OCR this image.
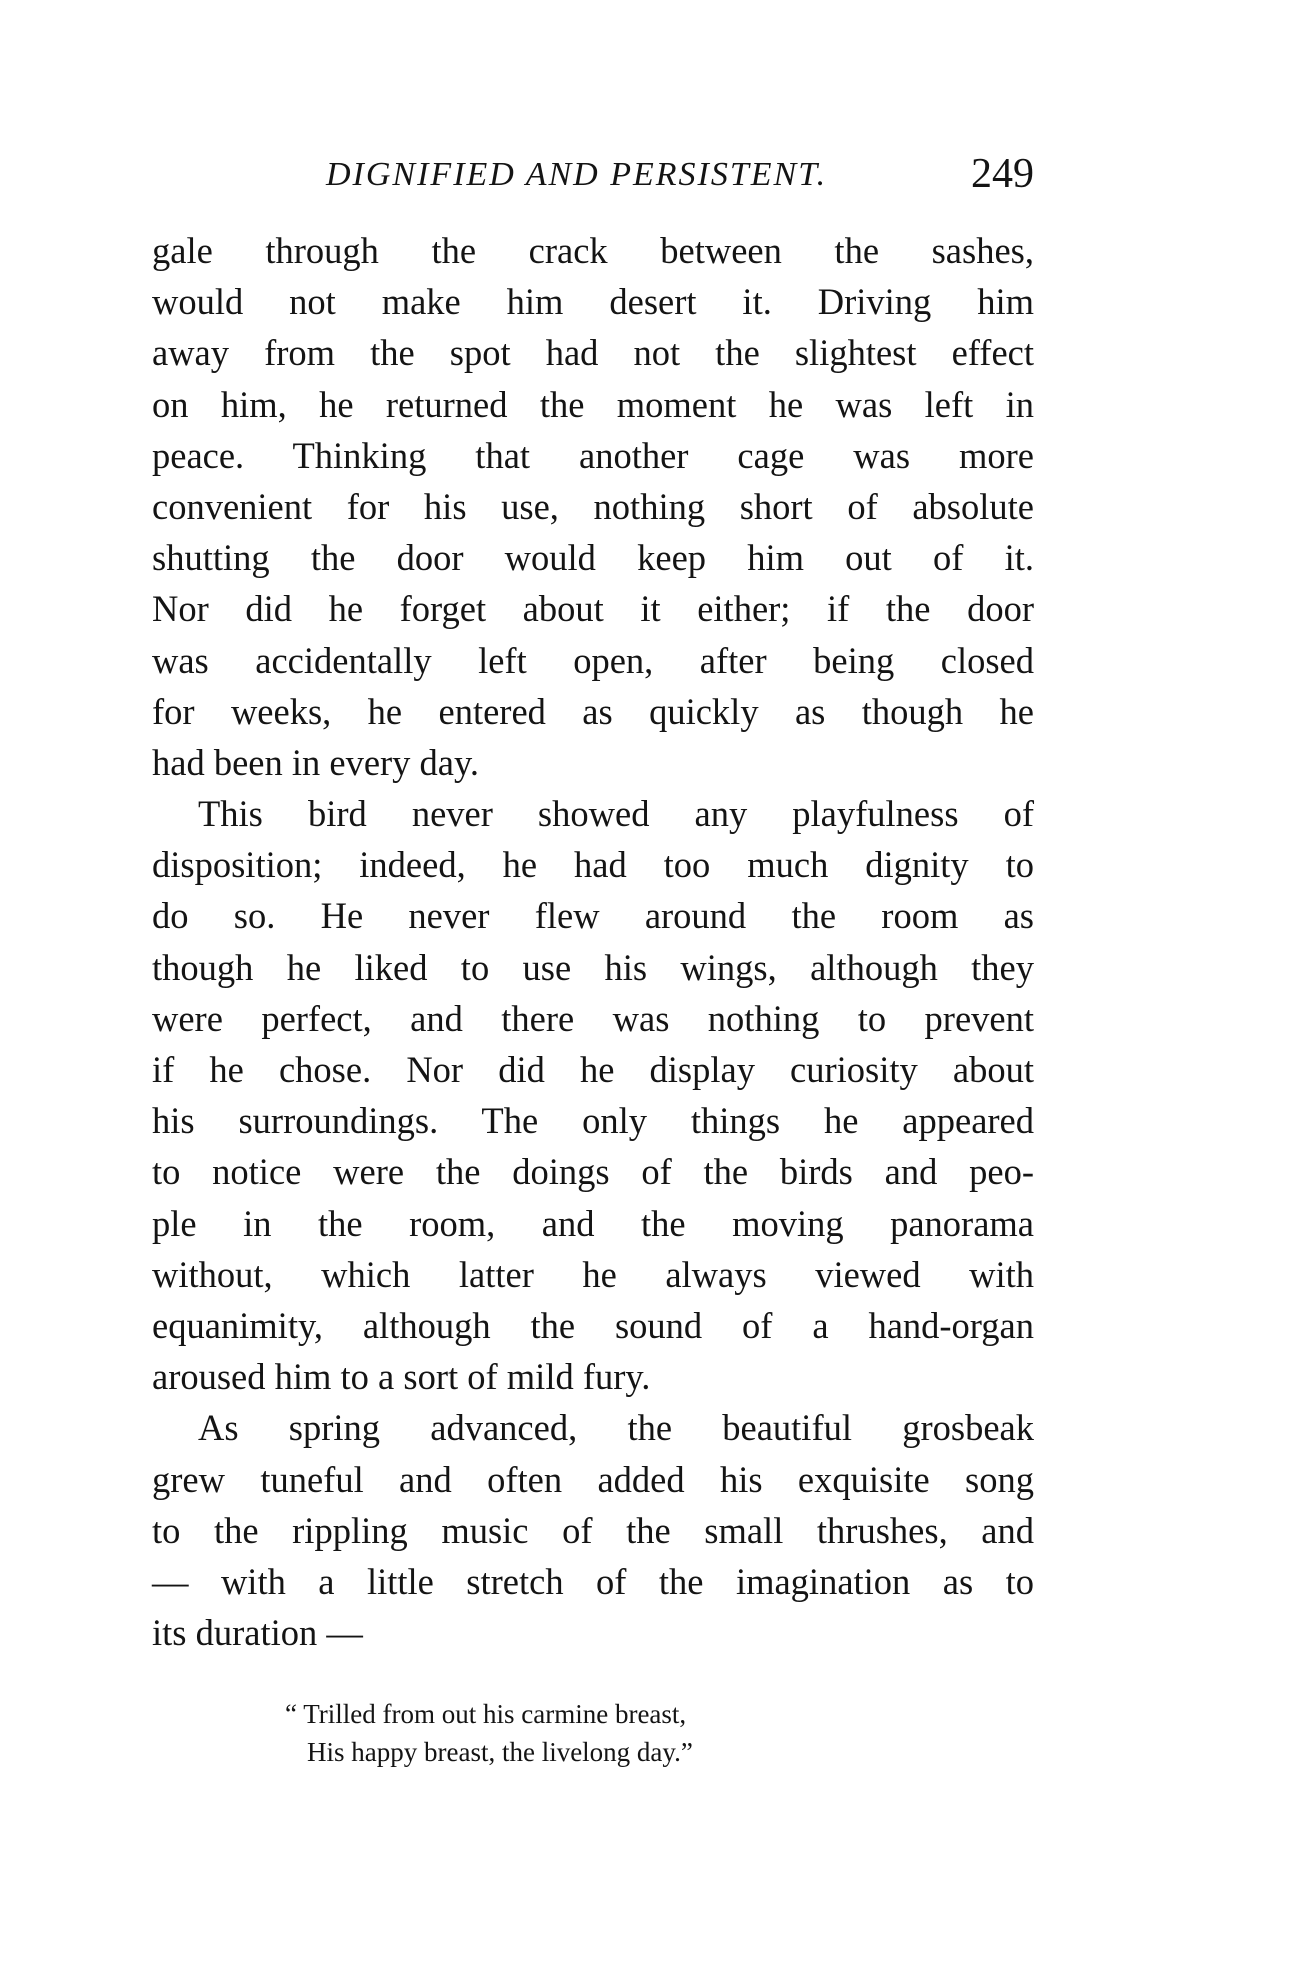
DIGNIFIED AND PERSISTENT.	249
gale through the crack between the sashes,
would not make him desert it. Driving him
away from the spot had not the slightest effect
on him, he returned the moment he was left in
peace. Thinking that another cage was more
convenient for his use, nothing short of absolute
shutting the door would keep him out of it.
Nor did he forget about it either; if the door
was accidentally left open, after being closed
for weeks, he entered as quickly as though he
had been in every day.
This bird never showed any playfulness of
disposition; indeed, he had too much dignity to
do so. He never flew around the room as
though he liked to use his wings, although they
were perfect, and there was nothing to prevent
if he chose. Nor did he display curiosity about
his surroundings. The only things he appeared
to notice were the doings of the birds and peo-
ple in the room, and the moving panorama
without, which latter he always viewed with
equanimity, although the sound of a hand-organ
aroused him to a sort of mild fury.
As spring advanced, the beautiful grosbeak
grew tuneful and often added his exquisite song
to the rippling music of the small thrushes, and
— with a little stretch of the imagination as to
its duration —
“ Trilled from out his carmine breast,
His happy breast, the livelong day.”
